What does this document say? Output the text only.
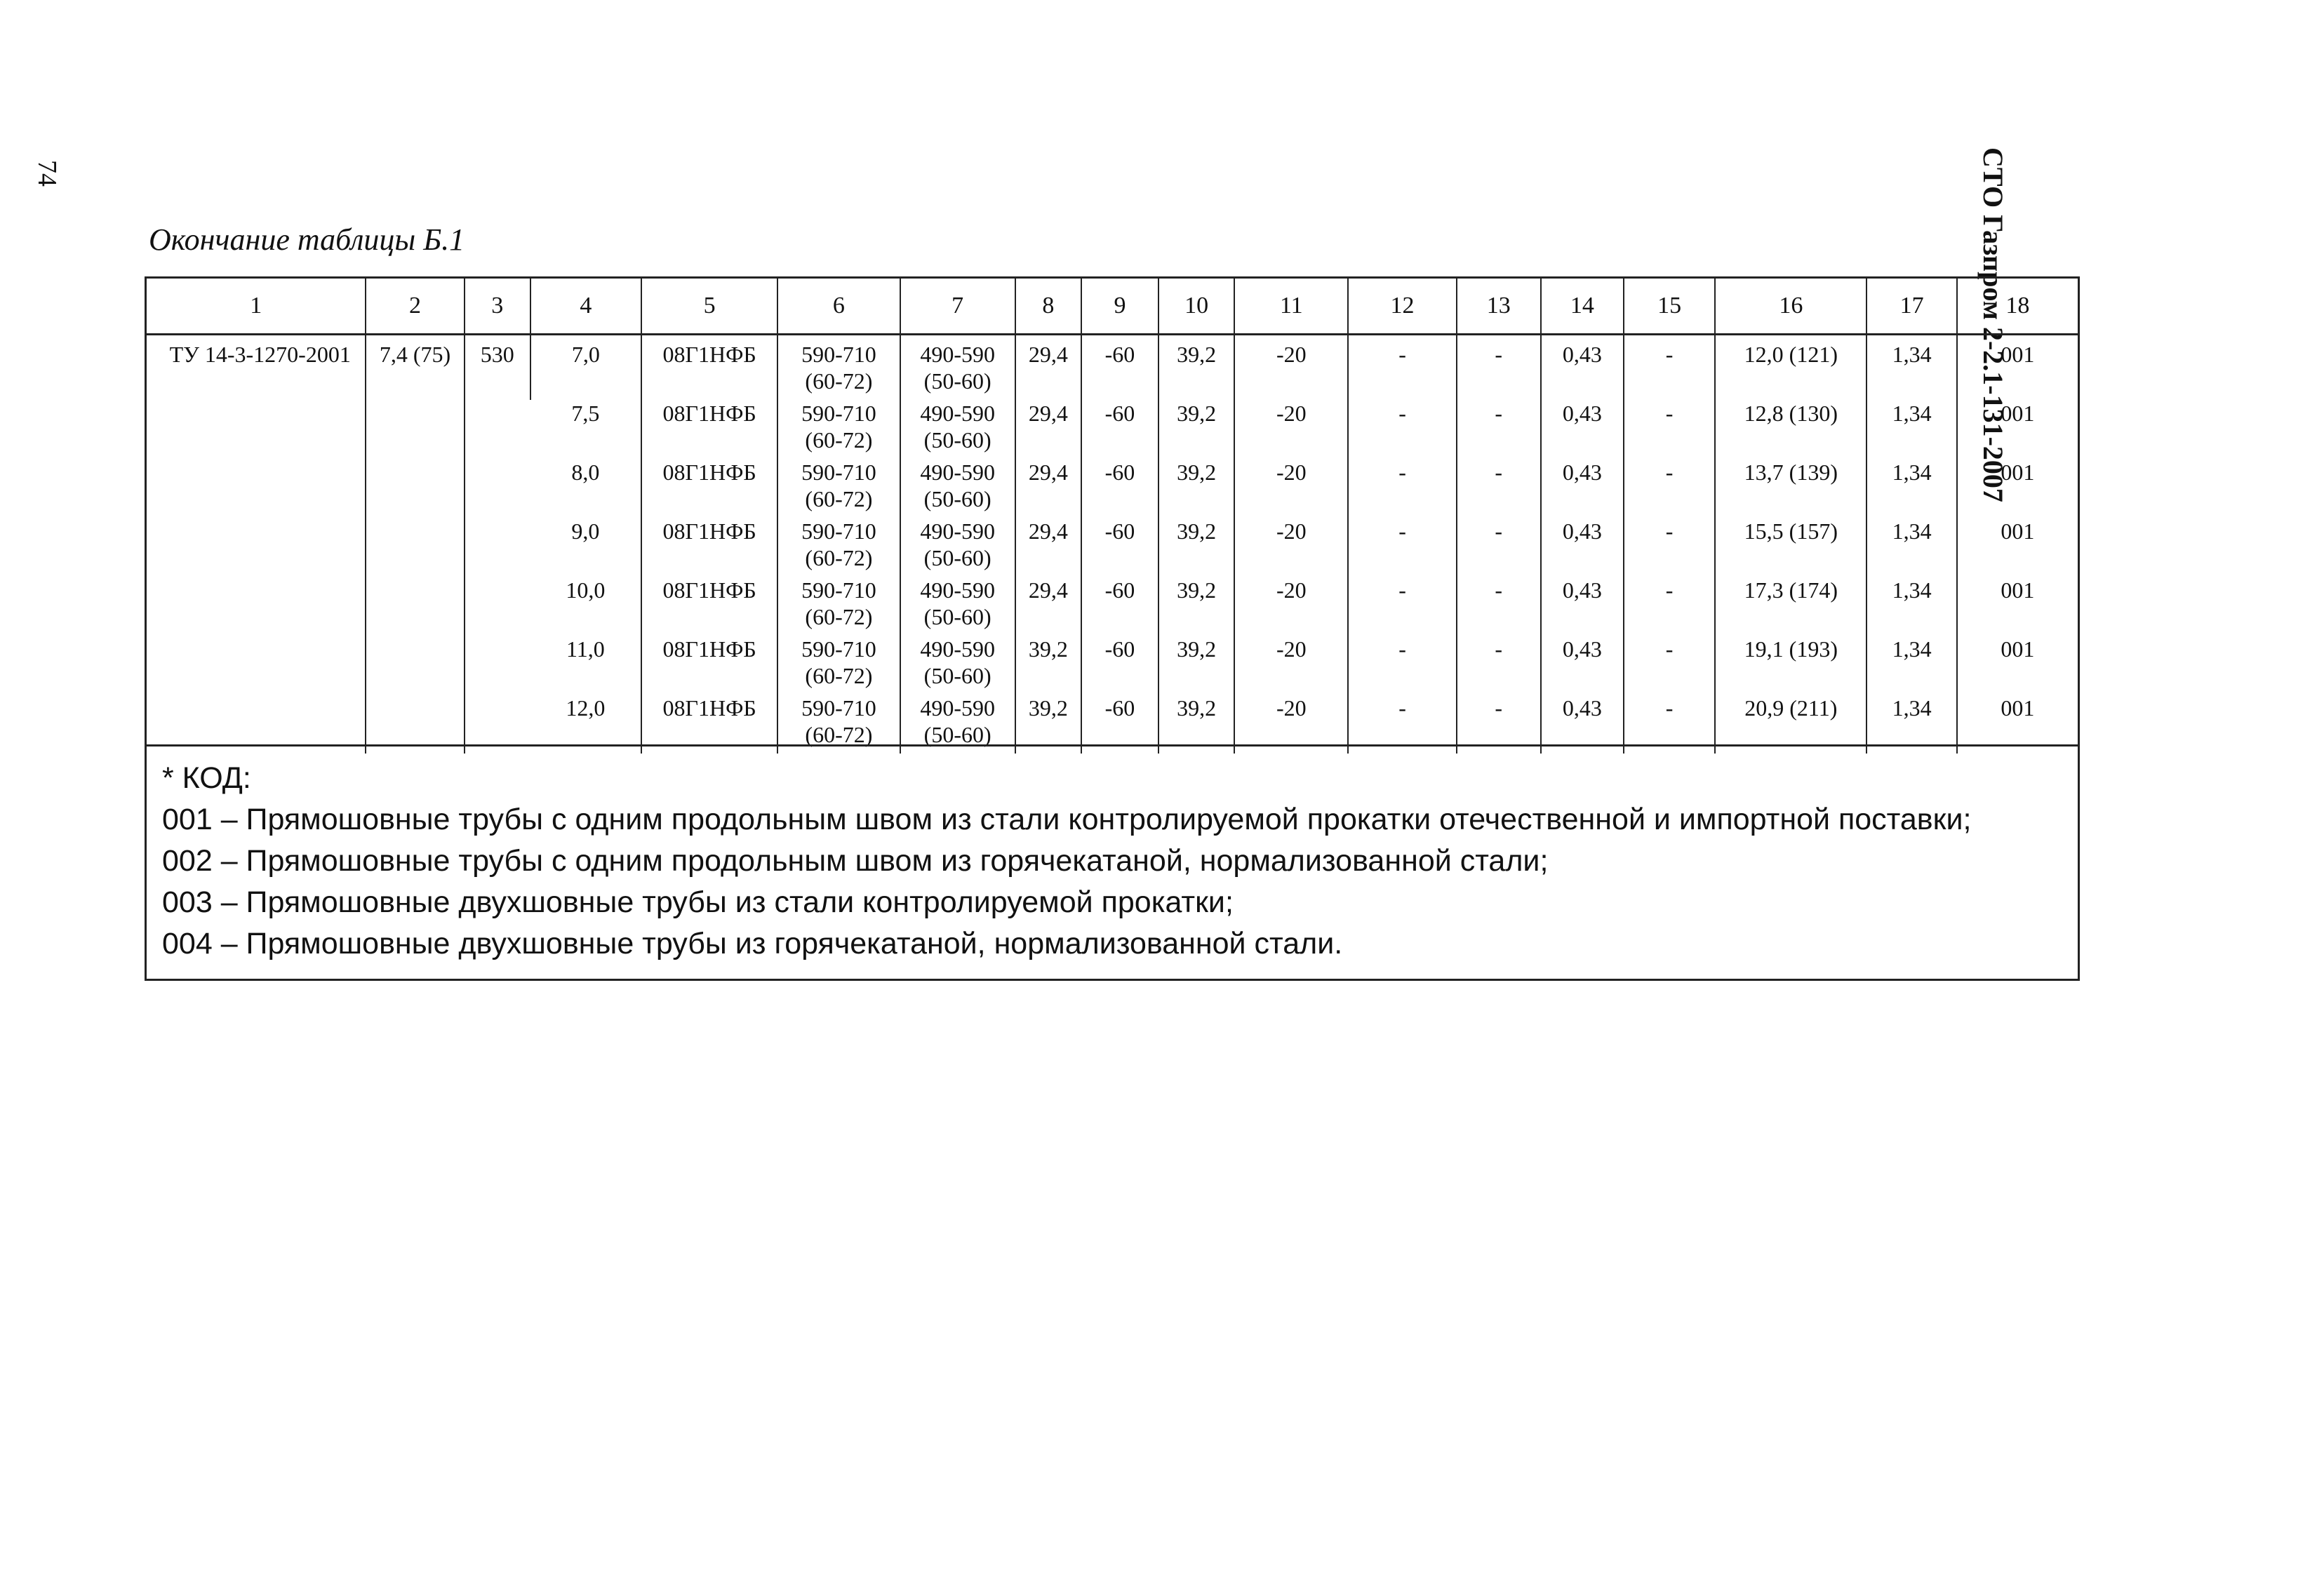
74	СТО Газпром 2-2.1-131-2007
Окончание таблицы Б.1
1	2	3	4	5	6	7	8	9	10	11	12	13	14	15	16	17	18
ТУ 14-3-1270-2001	7,4 (75)	530	7,0	08Г1НФБ	590-710
(60-72)	490-590
(50-60)	29,4	-60	39,2	-20	-	-	0,43	-	12,0 (121)	1,34	001
			7,5	08Г1НФБ	590-710
(60-72)	490-590
(50-60)	29,4	-60	39,2	-20	-	-	0,43	-	12,8 (130)	1,34	001
			8,0	08Г1НФБ	590-710
(60-72)	490-590
(50-60)	29,4	-60	39,2	-20	-	-	0,43	-	13,7 (139)	1,34	001
			9,0	08Г1НФБ	590-710
(60-72)	490-590
(50-60)	29,4	-60	39,2	-20	-	-	0,43	-	15,5 (157)	1,34	001
			10,0	08Г1НФБ	590-710
(60-72)	490-590
(50-60)	29,4	-60	39,2	-20	-	-	0,43	-	17,3 (174)	1,34	001
			11,0	08Г1НФБ	590-710
(60-72)	490-590
(50-60)	39,2	-60	39,2	-20	-	-	0,43	-	19,1 (193)	1,34	001
			12,0	08Г1НФБ	590-710
(60-72)	490-590
(50-60)	39,2	-60	39,2	-20	-	-	0,43	-	20,9 (211)	1,34	001

* КОД:

001 – Прямошовные трубы с одним продольным швом из стали контролируемой прокатки отечественной и импортной поставки;

002 – Прямошовные трубы с одним продольным швом из горячекатаной, нормализованной стали;

003 – Прямошовные двухшовные трубы из стали контролируемой прокатки;

004 – Прямошовные двухшовные трубы из горячекатаной, нормализованной стали.
